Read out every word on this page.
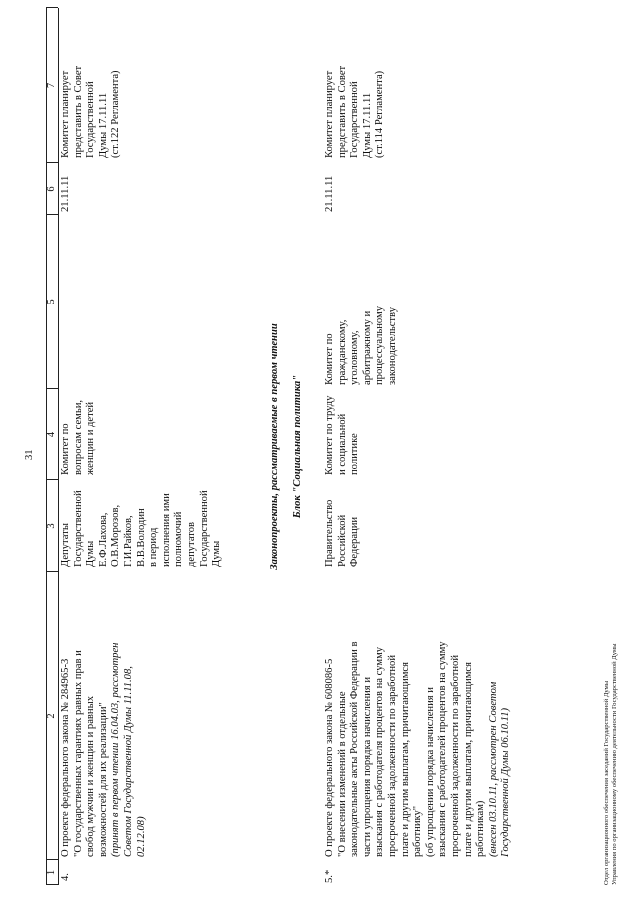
31
1
2
3
4
5
6
7
4.
О проекте федерального закона № 284965-3 "О государственных гарантиях равных прав и свобод мужчин и женщин и равных возможностей для их реализации" (принят в первом чтении 16.04.03, рассмотрен Советом Государственной Думы 11.11.08, 02.12.08)
Депутаты Государственной Думы Е.Ф.Лахова, О.В.Морозов, Г.И.Райков, В.В.Володин в период исполнения ими полномочий депутатов Государственной Думы
Комитет по вопросам семьи, женщин и детей
21.11.11
Комитет планирует представить в Совет Государственной Думы 17.11.11 (ст.122 Регламента)
Законопроекты, рассматриваемые в первом чтении Блок "Социальная политика"
5.*
О проекте федерального закона № 608086-5 "О внесении изменений в отдельные законодательные акты Российской Федерации в части упрощения порядка начисления и взыскания с работодателя процентов на сумму просроченной задолженности по заработной плате и другим выплатам, причитающимся работнику" (об упрощении порядка начисления и взыскания с работодателей процентов на сумму просроченной задолженности по заработной плате и другим выплатам, причитающимся работникам) (внесен 03.10.11, рассмотрен Советом Государственной Думы 06.10.11)
Правительство Российской Федерации
Комитет по труду и социальной политике
Комитет по гражданскому, уголовному, арбитражному и процессуальному законодательству
21.11.11
Комитет планирует представить в Совет Государственной Думы 17.11.11 (ст.114 Регламента)
Отдел организационного обеспечения заседаний Государственной Думы Управления по организационному обеспечению деятельности Государственной Думы
